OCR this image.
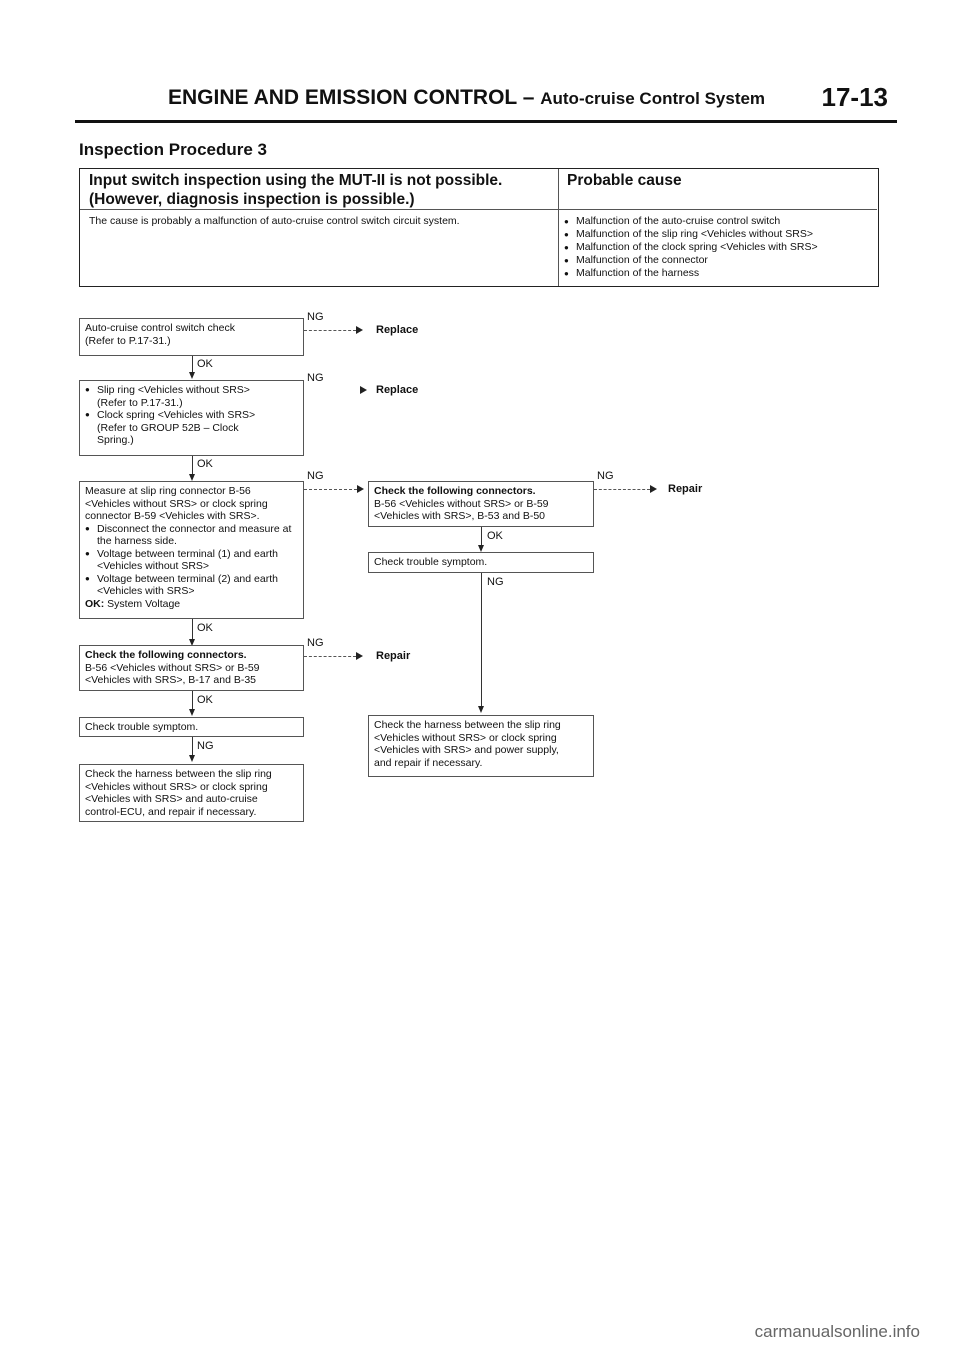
ENGINE AND EMISSION CONTROL – Auto-cruise Control System 17-13
Inspection Procedure 3
Input switch inspection using the MUT-II is not possible.
(However, diagnosis inspection is possible.)
Probable cause
The cause is probably a malfunction of auto-cruise control switch circuit system.
●	Malfunction of the auto-cruise control switch
● Malfunction of the slip ring <Vehicles without SRS>
● Malfunction of the clock spring <Vehicles with SRS>
● Malfunction of the connector
● Malfunction of the harness
Auto-cruise control switch check
(Refer to P.17-31.)
OK
● Slip ring <Vehicles without SRS>
(Refer to P.17-31.)
● Clock spring <Vehicles with SRS>
(Refer to GROUP 52B – Clock
Spring.)
OK
Measure at slip ring connector B-56
<Vehicles without SRS> or clock spring
connector B-59 <Vehicles with SRS>.
● Disconnect the connector and measure at the harness side.
● Voltage between terminal (1) and earth <Vehicles without SRS>
● Voltage between terminal (2) and earth <Vehicles with SRS>
OK: System Voltage
OK
Check the following connectors.
B-56 <Vehicles without SRS> or B-59
<Vehicles with SRS>, B-17 and B-35
OK
Check trouble symptom.
NG
Check the harness between the slip ring
<Vehicles without SRS> or clock spring
<Vehicles with SRS> and auto-cruise
control-ECU, and repair if necessary.
NG
Replace
NG
Replace
NG
NG
Repair
Check the following connectors.
B-56 <Vehicles without SRS> or B-59
<Vehicles with SRS>, B-53 and B-50
NG
Repair
OK
Check trouble symptom.
NG
Check the harness between the slip ring
<Vehicles without SRS> or clock spring
<Vehicles with SRS> and power supply,
and repair if necessary.
carmanualsonline.info
